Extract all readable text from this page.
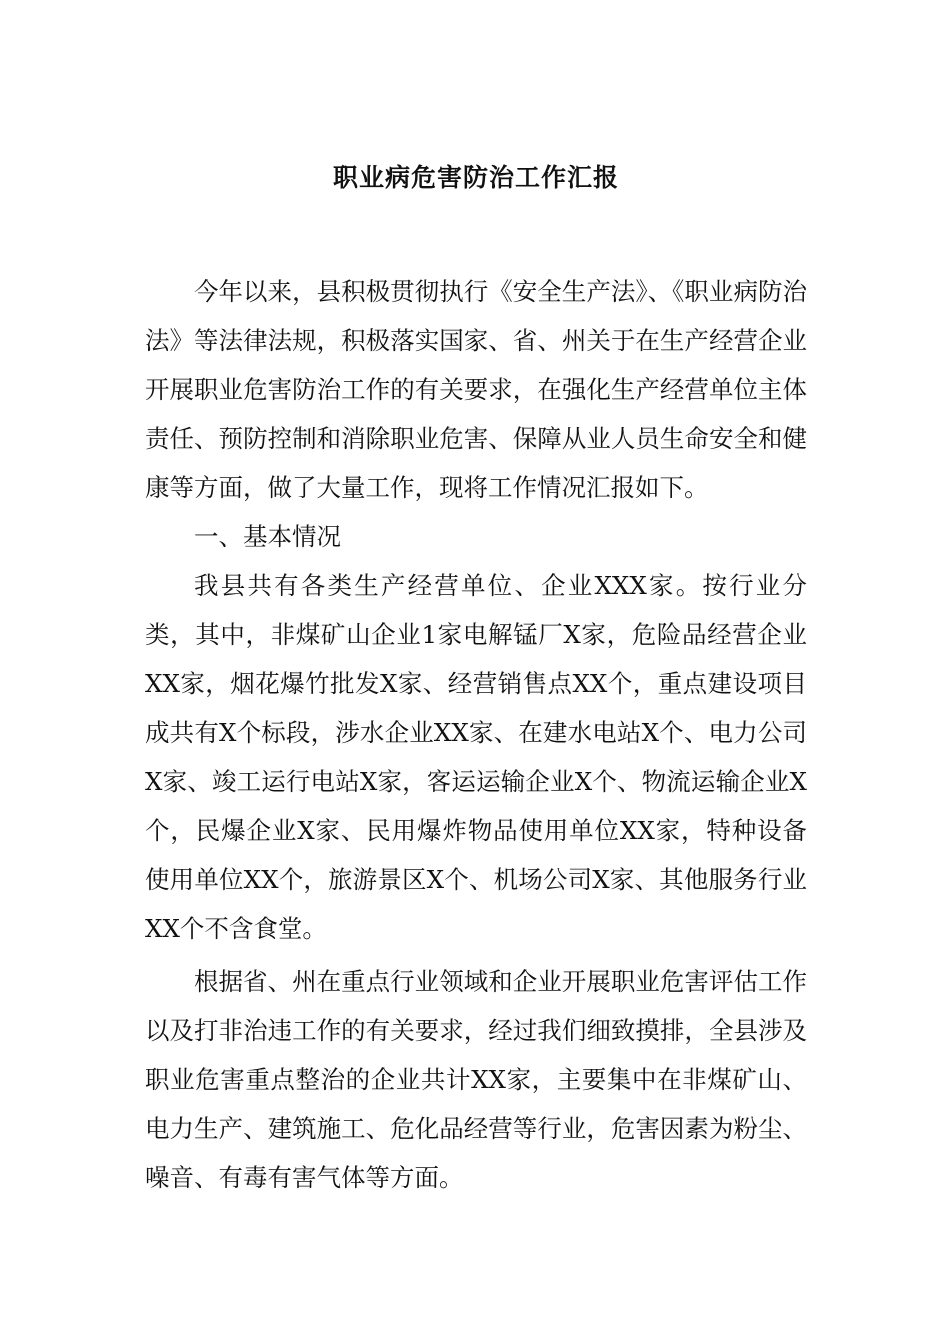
职业病危害防治工作汇报

今年以来，县积极贯彻执行《安全生产法》、《职业病防治法》等法律法规，积极落实国家、省、州关于在生产经营企业开展职业危害防治工作的有关要求，在强化生产经营单位主体责任、预防控制和消除职业危害、保障从业人员生命安全和健康等方面，做了大量工作，现将工作情况汇报如下。

一、基本情况

我县共有各类生产经营单位、企业XXX家。按行业分类，其中，非煤矿山企业1家电解锰厂X家，危险品经营企业XX家，烟花爆竹批发X家、经营销售点XX个，重点建设项目成共有X个标段，涉水企业XX家、在建水电站X个、电力公司X家、竣工运行电站X家，客运运输企业X个、物流运输企业X个，民爆企业X家、民用爆炸物品使用单位XX家，特种设备使用单位XX个，旅游景区X个、机场公司X家、其他服务行业XX个不含食堂。

根据省、州在重点行业领域和企业开展职业危害评估工作以及打非治违工作的有关要求，经过我们细致摸排，全县涉及职业危害重点整治的企业共计XX家，主要集中在非煤矿山、电力生产、建筑施工、危化品经营等行业，危害因素为粉尘、噪音、有毒有害气体等方面。
